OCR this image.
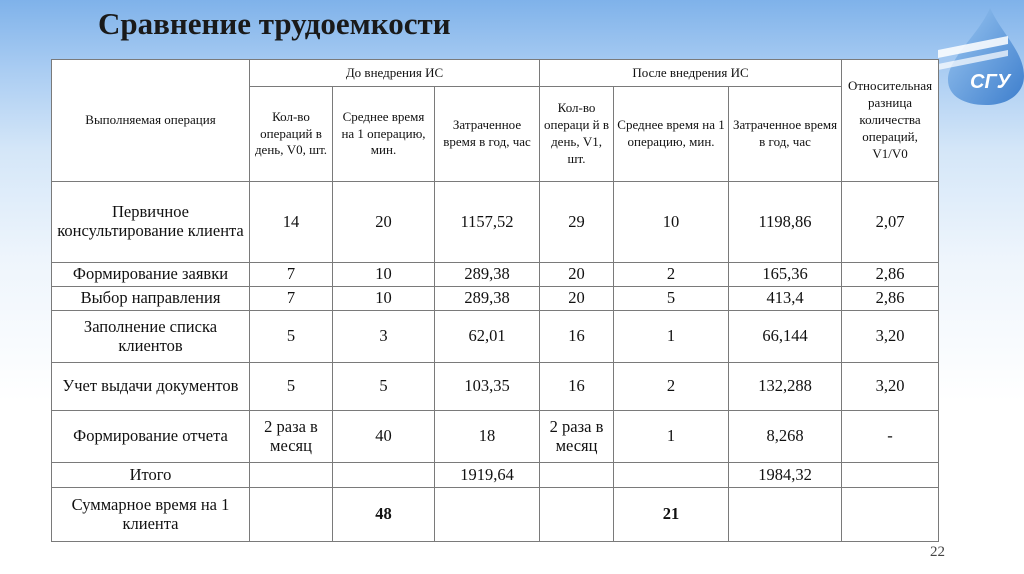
Сравнение трудоемкости
СГУ
Выполняемая операция	До внедрения ИС			После внедрения ИС			Относительная разница количества операций, V1/V0
	Кол-во операций в день, V0, шт.	Среднее время на 1 операцию, мин.	Затраченное время в год, час	Кол-во операци й в день, V1, шт.	Среднее время на 1 операцию, мин.	Затраченное время в год, час	
Первичное консультирование клиента	14	20	1157,52	29	10	1198,86	2,07
Формирование заявки	7	10	289,38	20	2	165,36	2,86
Выбор направления	7	10	289,38	20	5	413,4	2,86
Заполнение списка клиентов	5	3	62,01	16	1	66,144	3,20
Учет выдачи документов	5	5	103,35	16	2	132,288	3,20
Формирование отчета	2 раза в месяц	40	18	2 раза в месяц	1	8,268	-
Итого			1919,64			1984,32	
Суммарное время на 1 клиента		48			21		
22
